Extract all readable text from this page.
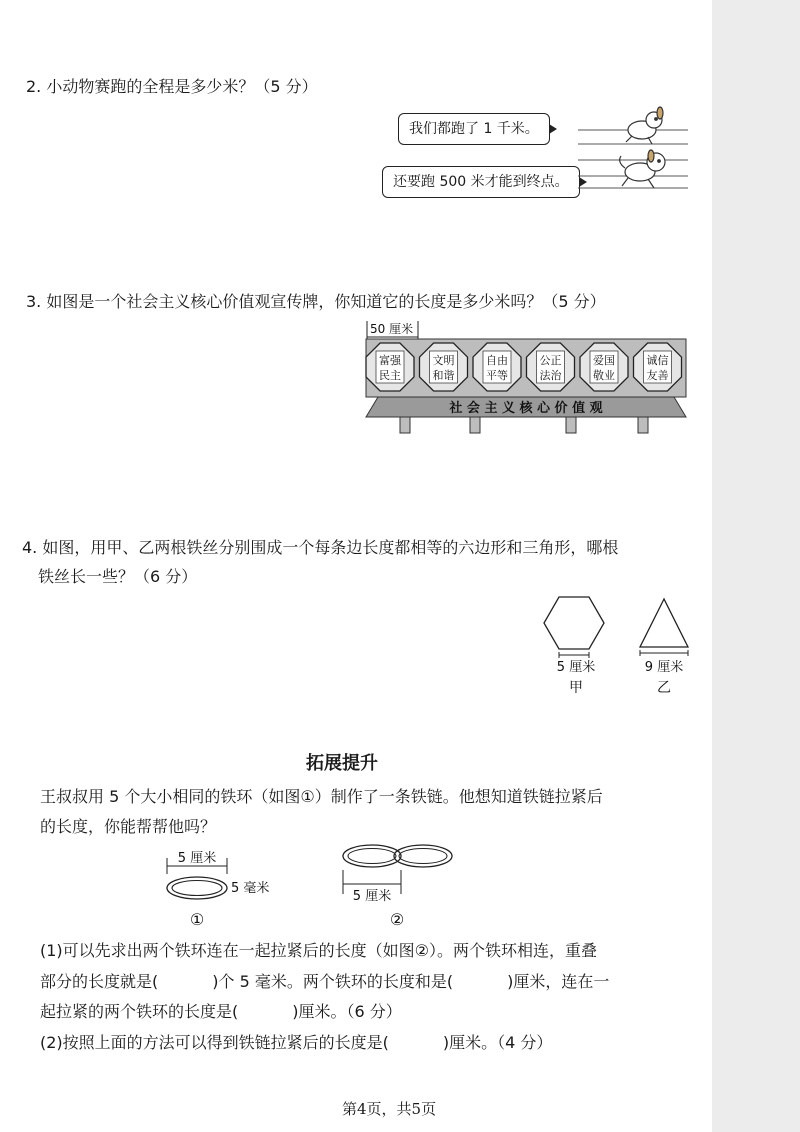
2. 小动物赛跑的全程是多少米？（5 分）
我们都跑了 1 千米。
还要跑 500 米才能到终点。
3. 如图是一个社会主义核心价值观宣传牌，你知道它的长度是多少米吗？（5 分）
50 厘米
富强
民主
文明
和谐
自由
平等
公正
法治
爱国
敬业
诚信
友善
社 会 主 义 核 心 价 值 观
4. 如图，用甲、乙两根铁丝分别围成一个每条边长度都相等的六边形和三角形，哪根
铁丝长一些？（6 分）
5 厘米
甲
9 厘米
乙
拓展提升
王叔叔用 5 个大小相同的铁环（如图①）制作了一条铁链。他想知道铁链拉紧后
的长度，你能帮帮他吗？
5 厘米
5 毫米
①
5 厘米
②
(1)可以先求出两个铁环连在一起拉紧后的长度（如图②）。两个铁环相连，重叠
部分的长度就是(	)个 5 毫米。两个铁环的长度和是(	)厘米，连在一
起拉紧的两个铁环的长度是(	)厘米。（6 分）
(2)按照上面的方法可以得到铁链拉紧后的长度是(	)厘米。（4 分）
第4页，共5页
